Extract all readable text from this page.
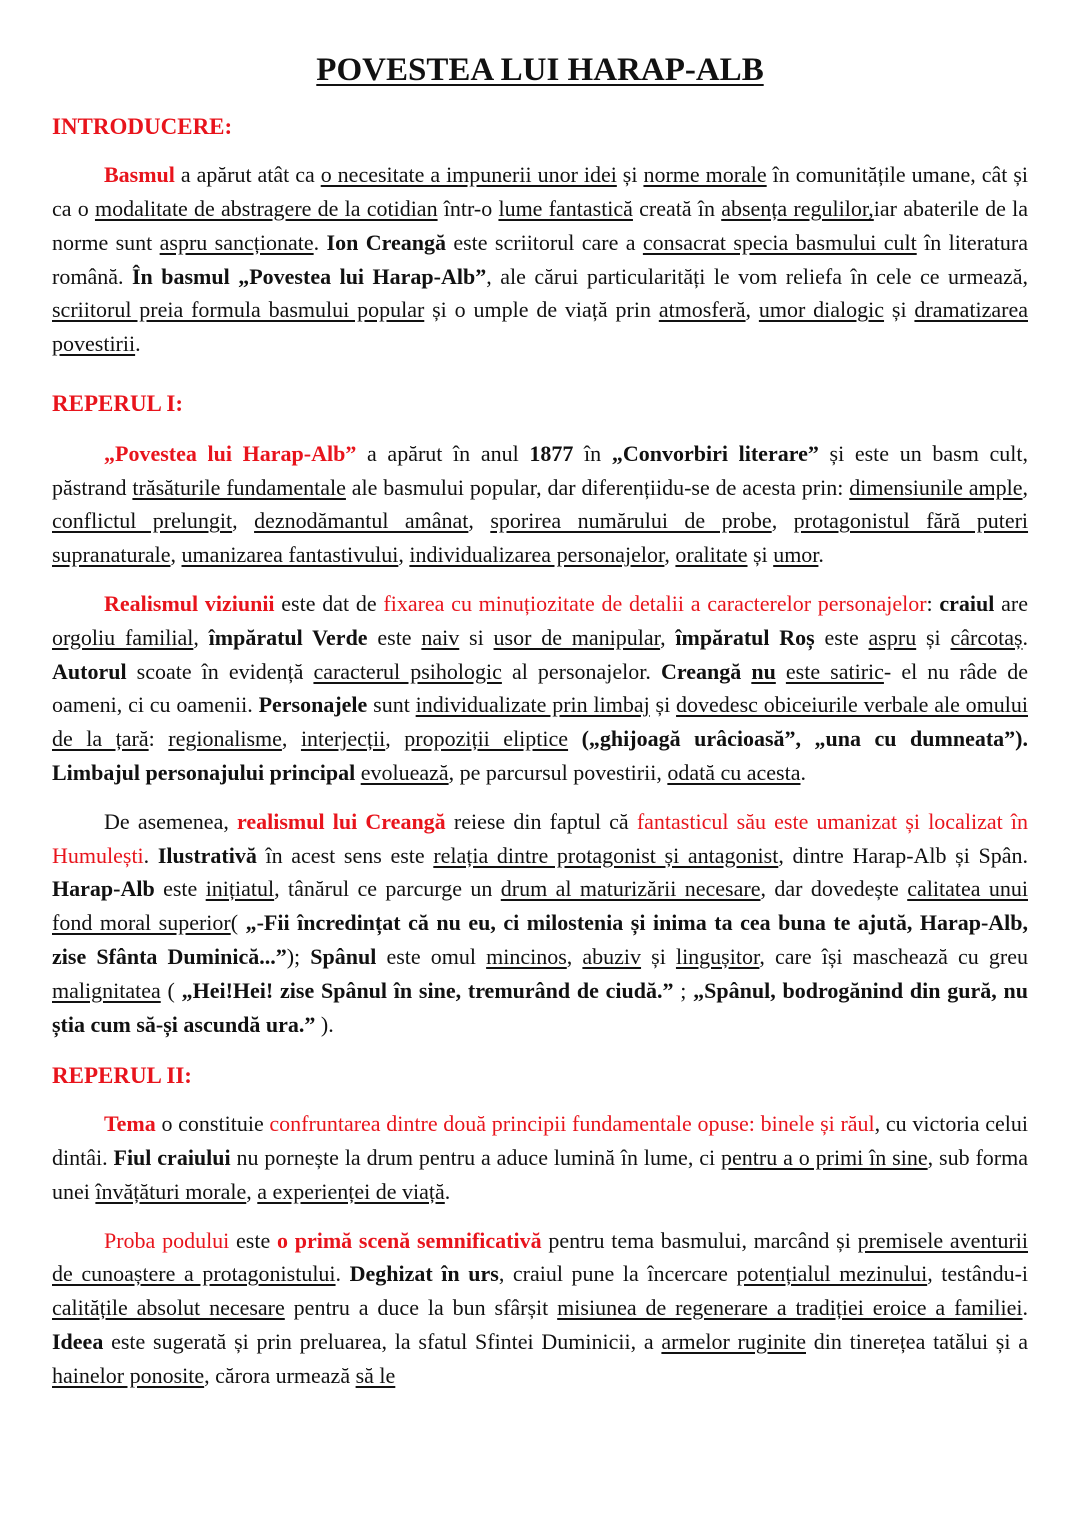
POVESTEA LUI HARAP-ALB
INTRODUCERE:

Basmul a apărut atât ca o necesitate a impunerii unor idei și norme morale în comunitățile umane, cât și ca o modalitate de abstragere de la cotidian într-o lume fantastică creată în absența regulilor,iar abaterile de la norme sunt aspru sancționate. Ion Creangă este scriitorul care a consacrat specia basmului cult în literatura română. În basmul „Povestea lui Harap-Alb”, ale cărui particularități le vom reliefa în cele ce urmează, scriitorul preia formula basmului popular și o umple de viață prin atmosferă, umor dialogic și dramatizarea povestirii.

REPERUL I:

„Povestea lui Harap-Alb” a apărut în anul 1877 în „Convorbiri literare” și este un basm cult, păstrand trăsăturile fundamentale ale basmului popular, dar diferențiidu-se de acesta prin: dimensiunile ample, conflictul prelungit, deznodămantul amânat, sporirea numărului de probe, protagonistul fără puteri supranaturale, umanizarea fantastivului, individualizarea personajelor, oralitate și umor.

Realismul viziunii este dat de fixarea cu minuțiozitate de detalii a caracterelor personajelor: craiul are orgoliu familial, împăratul Verde este naiv si usor de manipular, împăratul Roș este aspru și cârcotaș. Autorul scoate în evidență caracterul psihologic al personajelor. Creangă nu este satiric- el nu râde de oameni, ci cu oamenii. Personajele sunt individualizate prin limbaj și dovedesc obiceiurile verbale ale omului de la țară: regionalisme, interjecții, propoziții eliptice („ghijoagă urâcioasă”, „una cu dumneata”). Limbajul personajului principal evoluează, pe parcursul povestirii, odată cu acesta.

De asemenea, realismul lui Creangă reiese din faptul că fantasticul său este umanizat și localizat în Humulești. Ilustrativă în acest sens este relația dintre protagonist și antagonist, dintre Harap-Alb și Spân. Harap-Alb este inițiatul, tânărul ce parcurge un drum al maturizării necesare, dar dovedește calitatea unui fond moral superior( „-Fii încredințat că nu eu, ci milostenia și inima ta cea buna te ajută, Harap-Alb, zise Sfânta Duminică...”); Spânul este omul mincinos, abuziv și lingușitor, care își maschează cu greu malignitatea ( „Hei!Hei! zise Spânul în sine, tremurând de ciudă.” ; „Spânul, bodrogănind din gură, nu știa cum să-și ascundă ura.” ).

REPERUL II:

Tema o constituie confruntarea dintre două principii fundamentale opuse: binele și răul, cu victoria celui dintâi. Fiul craiului nu pornește la drum pentru a aduce lumină în lume, ci pentru a o primi în sine, sub forma unei învățături morale, a experienței de viață.

Proba podului este o primă scenă semnificativă pentru tema basmului, marcând și premisele aventurii de cunoaștere a protagonistului. Deghizat în urs, craiul pune la încercare potențialul mezinului, testându-i calitățile absolut necesare pentru a duce la bun sfârșit misiunea de regenerare a tradiției eroice a familiei. Ideea este sugerată și prin preluarea, la sfatul Sfintei Duminicii, a armelor ruginite din tinerețea tatălui și a hainelor ponosite, cărora urmează să le
